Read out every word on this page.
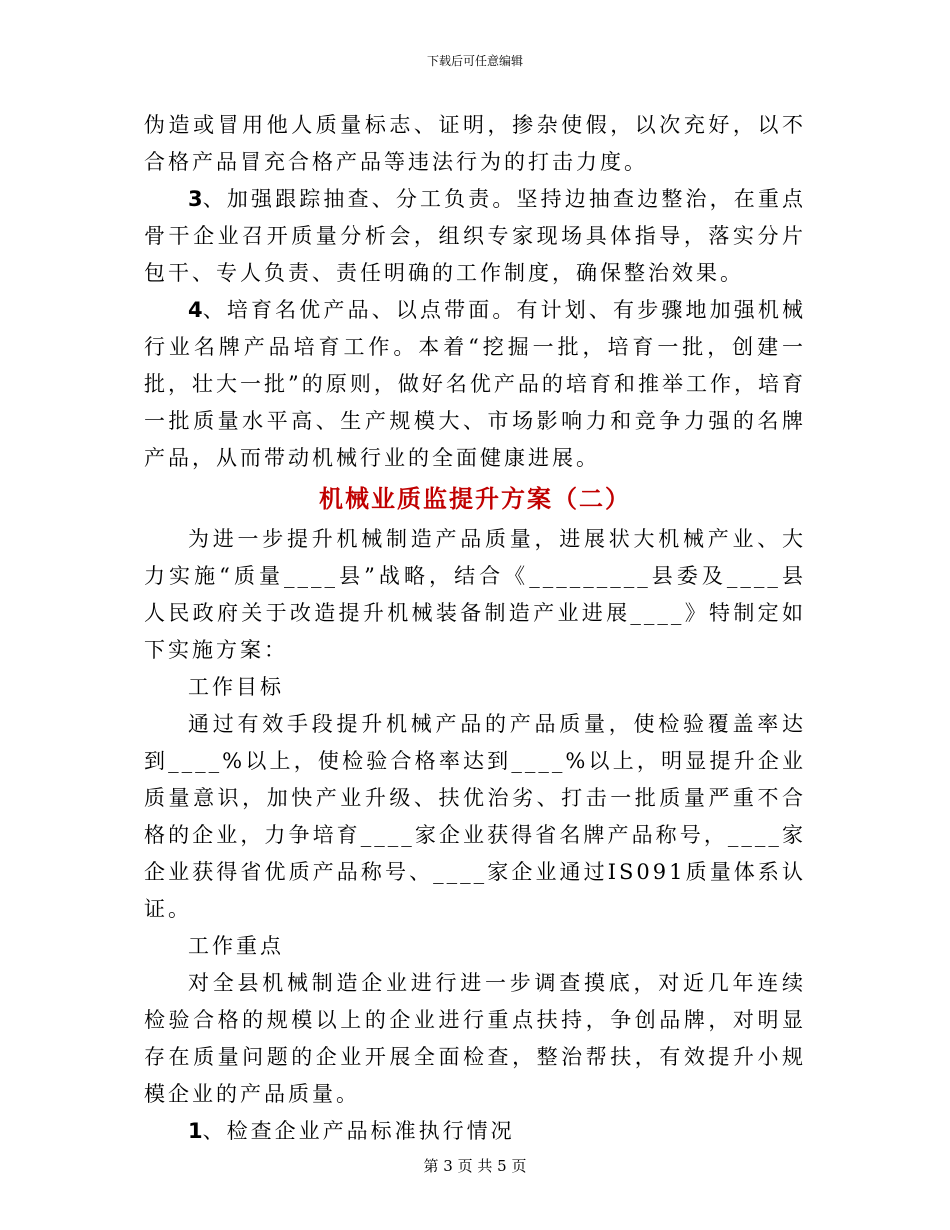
下载后可任意编辑

伪造或冒用他人质量标志、证明，掺杂使假，以次充好，以不合格产品冒充合格产品等违法行为的打击力度。

3、加强跟踪抽查、分工负责。坚持边抽查边整治，在重点骨干企业召开质量分析会，组织专家现场具体指导，落实分片包干、专人负责、责任明确的工作制度，确保整治效果。

4、培育名优产品、以点带面。有计划、有步骤地加强机械行业名牌产品培育工作。本着“挖掘一批，培育一批，创建一批，壮大一批”的原则，做好名优产品的培育和推举工作，培育一批质量水平高、生产规模大、市场影响力和竞争力强的名牌产品，从而带动机械行业的全面健康进展。

机械业质监提升方案（二）

为进一步提升机械制造产品质量，进展状大机械产业、大力实施“质量____县”战略，结合《_________县委及____县人民政府关于改造提升机械装备制造产业进展____》特制定如下实施方案：

工作目标

通过有效手段提升机械产品的产品质量，使检验覆盖率达到____%以上，使检验合格率达到____%以上，明显提升企业质量意识，加快产业升级、扶优治劣、打击一批质量严重不合格的企业，力争培育____家企业获得省名牌产品称号，____家企业获得省优质产品称号、____家企业通过IS091质量体系认证。

工作重点

对全县机械制造企业进行进一步调查摸底，对近几年连续检验合格的规模以上的企业进行重点扶持，争创品牌，对明显存在质量问题的企业开展全面检查，整治帮扶，有效提升小规模企业的产品质量。

1、检查企业产品标准执行情况

第 3 页 共 5 页
